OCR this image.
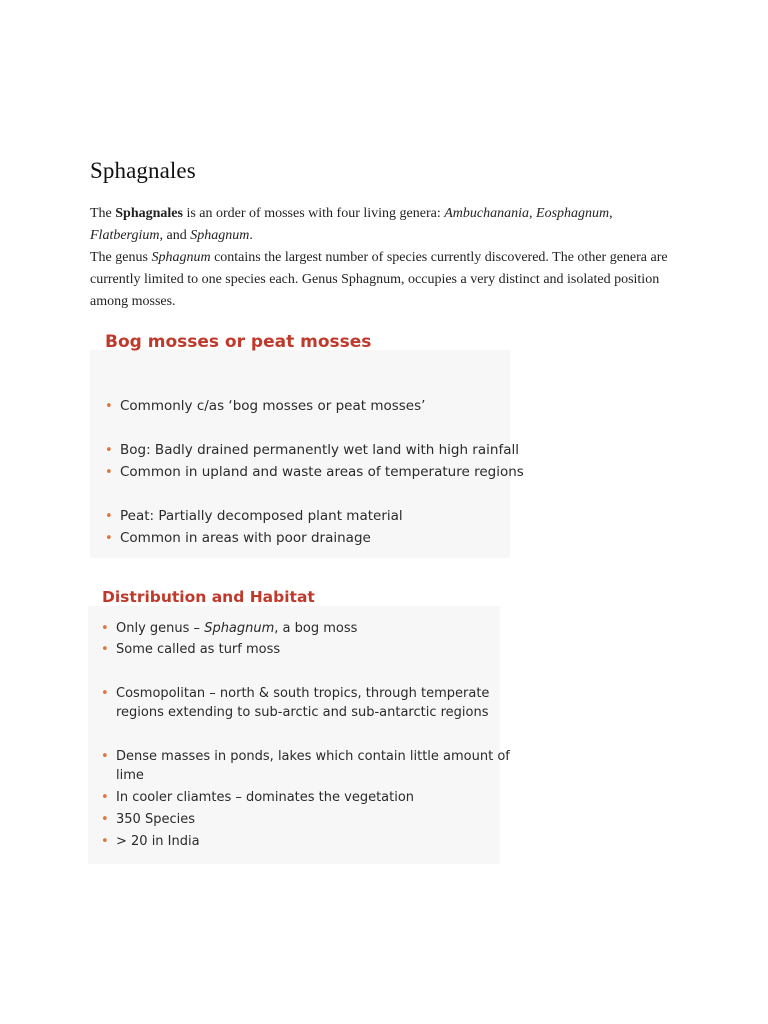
Sphagnales

The Sphagnales is an order of mosses with four living genera: Ambuchanania, Eosphagnum,
Flatbergium, and Sphagnum.

The genus Sphagnum contains the largest number of species currently discovered. The other genera are currently limited to one species each. Genus Sphagnum, occupies a very distinct and isolated position among mosses.

Bog mosses or peat mosses
• Commonly c/as ‘bog mosses or peat mosses’
• Bog: Badly drained permanently wet land with high rainfall
• Common in upland and waste areas of temperature regions
• Peat: Partially decomposed plant material
• Common in areas with poor drainage
Distribution and Habitat
• Only genus – Sphagnum, a bog moss
• Some called as turf moss
• Cosmopolitan – north & south tropics, through temperate
regions extending to sub-arctic and sub-antarctic regions
• Dense masses in ponds, lakes which contain little amount of
lime
• In cooler cliamtes – dominates the vegetation
• 350 Species
• > 20 in India
